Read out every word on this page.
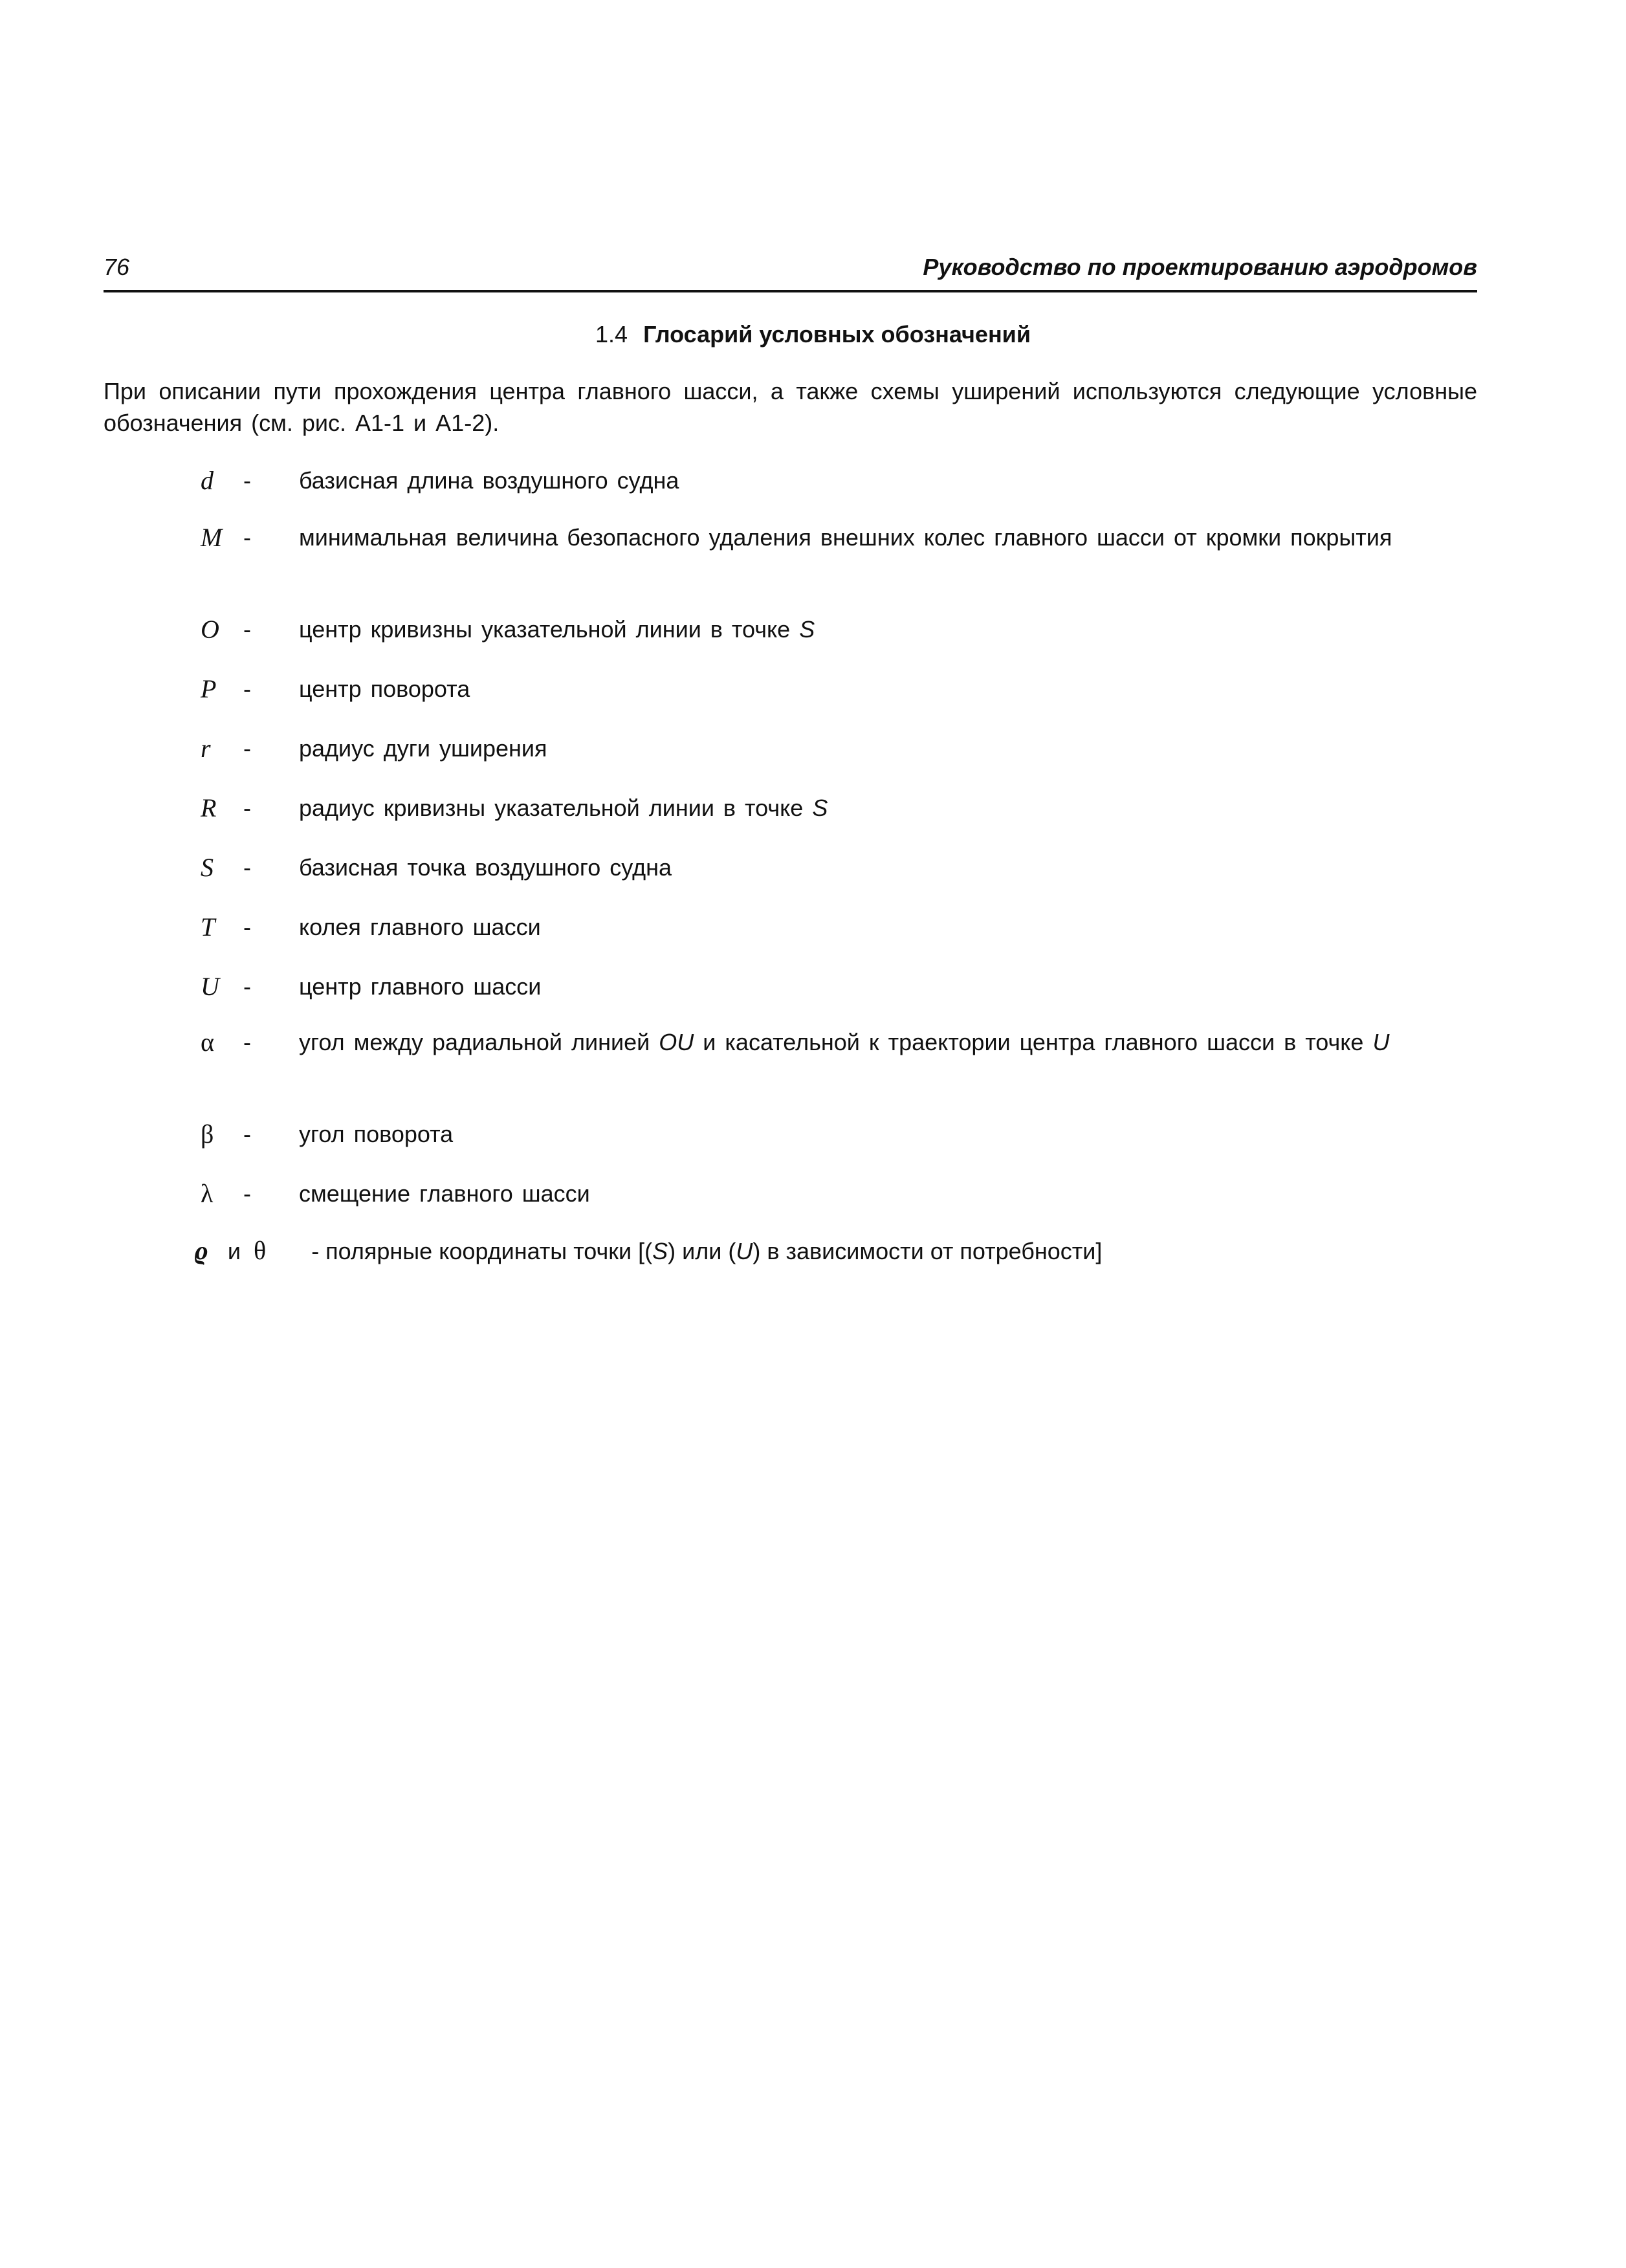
76	Руководство по проектированию аэродромов
1.4 Глосарий условных обозначений

При описании пути прохождения центра главного шасси, а также схемы уширений используются следующие условные обозначения (см. рис. А1-1 и А1-2).

d	- базисная длина воздушного судна
M - минимальная величина безопасного удаления внешних колес главного шасси от кромки покрытия
O	- центр кривизны указательной линии в точке S
P	- центр поворота
r	- радиус дуги уширения
R	- радиус кривизны указательной линии в точке S
S	- базисная точка воздушного судна
T	- колея главного шасси
U	- центр главного шасси
α	- угол между радиальной линией OU и касательной к траектории центра главного шасси в точке U
β	- угол поворота
λ	- смещение главного шасси
ϱ и θ - полярные координаты точки [(S) или (U) в зависимости от потребности]
